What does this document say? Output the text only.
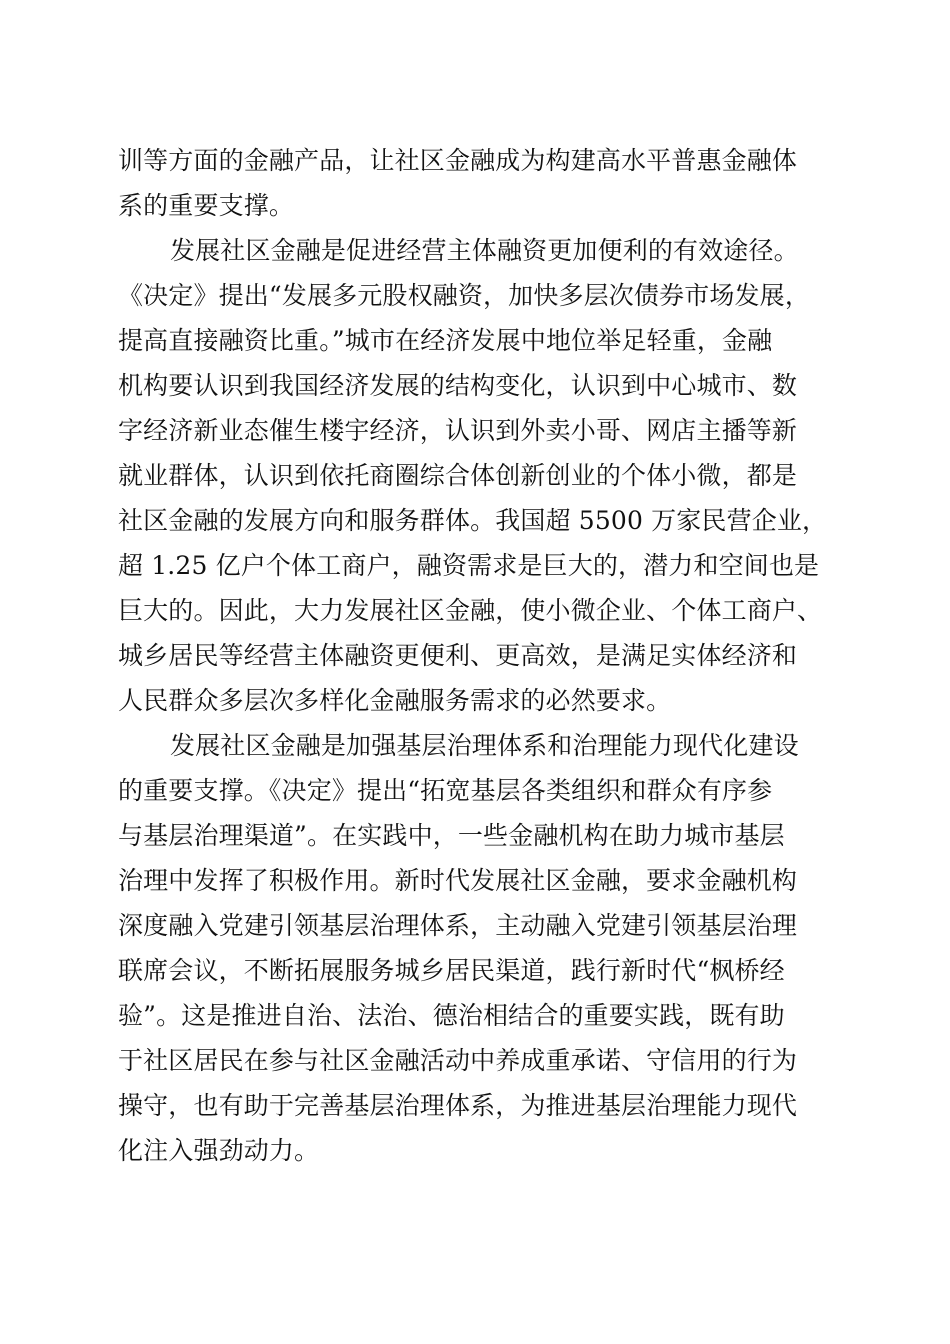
训等方面的金融产品，让社区金融成为构建高水平普惠金融体
系的重要支撑。
发展社区金融是促进经营主体融资更加便利的有效途径。
《决定》提出“发展多元股权融资，加快多层次债券市场发展，
提高直接融资比重。”城市在经济发展中地位举足轻重，金融
机构要认识到我国经济发展的结构变化，认识到中心城市、数
字经济新业态催生楼宇经济，认识到外卖小哥、网店主播等新
就业群体，认识到依托商圈综合体创新创业的个体小微，都是
社区金融的发展方向和服务群体。我国超 5500 万家民营企业，
超 1.25 亿户个体工商户，融资需求是巨大的，潜力和空间也是
巨大的。因此，大力发展社区金融，使小微企业、个体工商户、
城乡居民等经营主体融资更便利、更高效，是满足实体经济和
人民群众多层次多样化金融服务需求的必然要求。
发展社区金融是加强基层治理体系和治理能力现代化建设
的重要支撑。《决定》提出“拓宽基层各类组织和群众有序参
与基层治理渠道”。在实践中，一些金融机构在助力城市基层
治理中发挥了积极作用。新时代发展社区金融，要求金融机构
深度融入党建引领基层治理体系，主动融入党建引领基层治理
联席会议，不断拓展服务城乡居民渠道，践行新时代“枫桥经
验”。这是推进自治、法治、德治相结合的重要实践，既有助
于社区居民在参与社区金融活动中养成重承诺、守信用的行为
操守，也有助于完善基层治理体系，为推进基层治理能力现代
化注入强劲动力。
